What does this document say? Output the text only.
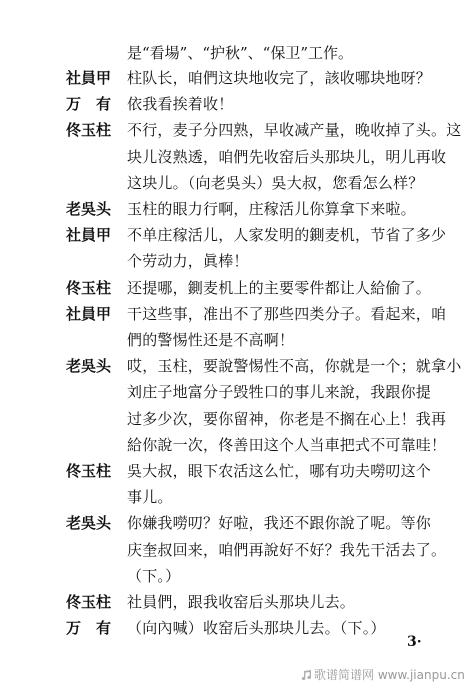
是“看場”、“护秋”、“保卫”工作。
社員甲 柱队长，咱們这块地收完了，該收哪块地呀？
万　有 依我看挨着收！
佟玉柱 不行，麦子分四熟，早收减产量，晚收掉了头。这
块儿沒熟透，咱們先收窑后头那块儿，明儿再收
这块儿。（向老吳头）吳大叔，您看怎么样？
老吳头 玉柱的眼力行啊，庄稼活儿你算拿下来啦。
社員甲 不单庄稼活儿，人家发明的鍘麦机，节省了多少
个劳动力，眞棒！
佟玉柱 还提哪，鍘麦机上的主要零件都让人給偷了。
社員甲 干这些事，准出不了那些四类分子。看起来，咱
們的警惕性还是不高啊！
老吳头 哎，玉柱，要說警惕性不高，你就是一个；就拿小
刘庄子地富分子毁牲口的事儿来說，我跟你提
过多少次，要你留神，你老是不搁在心上！我再
給你說一次，佟善田这个人当車把式不可靠哇！
佟玉柱 吳大叔，眼下农活这么忙，哪有功夫嘮叨这个
事儿。
老吳头 你嫌我嘮叨？好啦，我还不跟你說了呢。等你
庆奎叔回来，咱們再說好不好？我先干活去了。
（下。）
佟玉柱 社員們，跟我收窑后头那块儿去。
万　有 （向內喊）收窑后头那块儿去。（下。）
3·
歌谱简谱网 www.jianpu.cn
